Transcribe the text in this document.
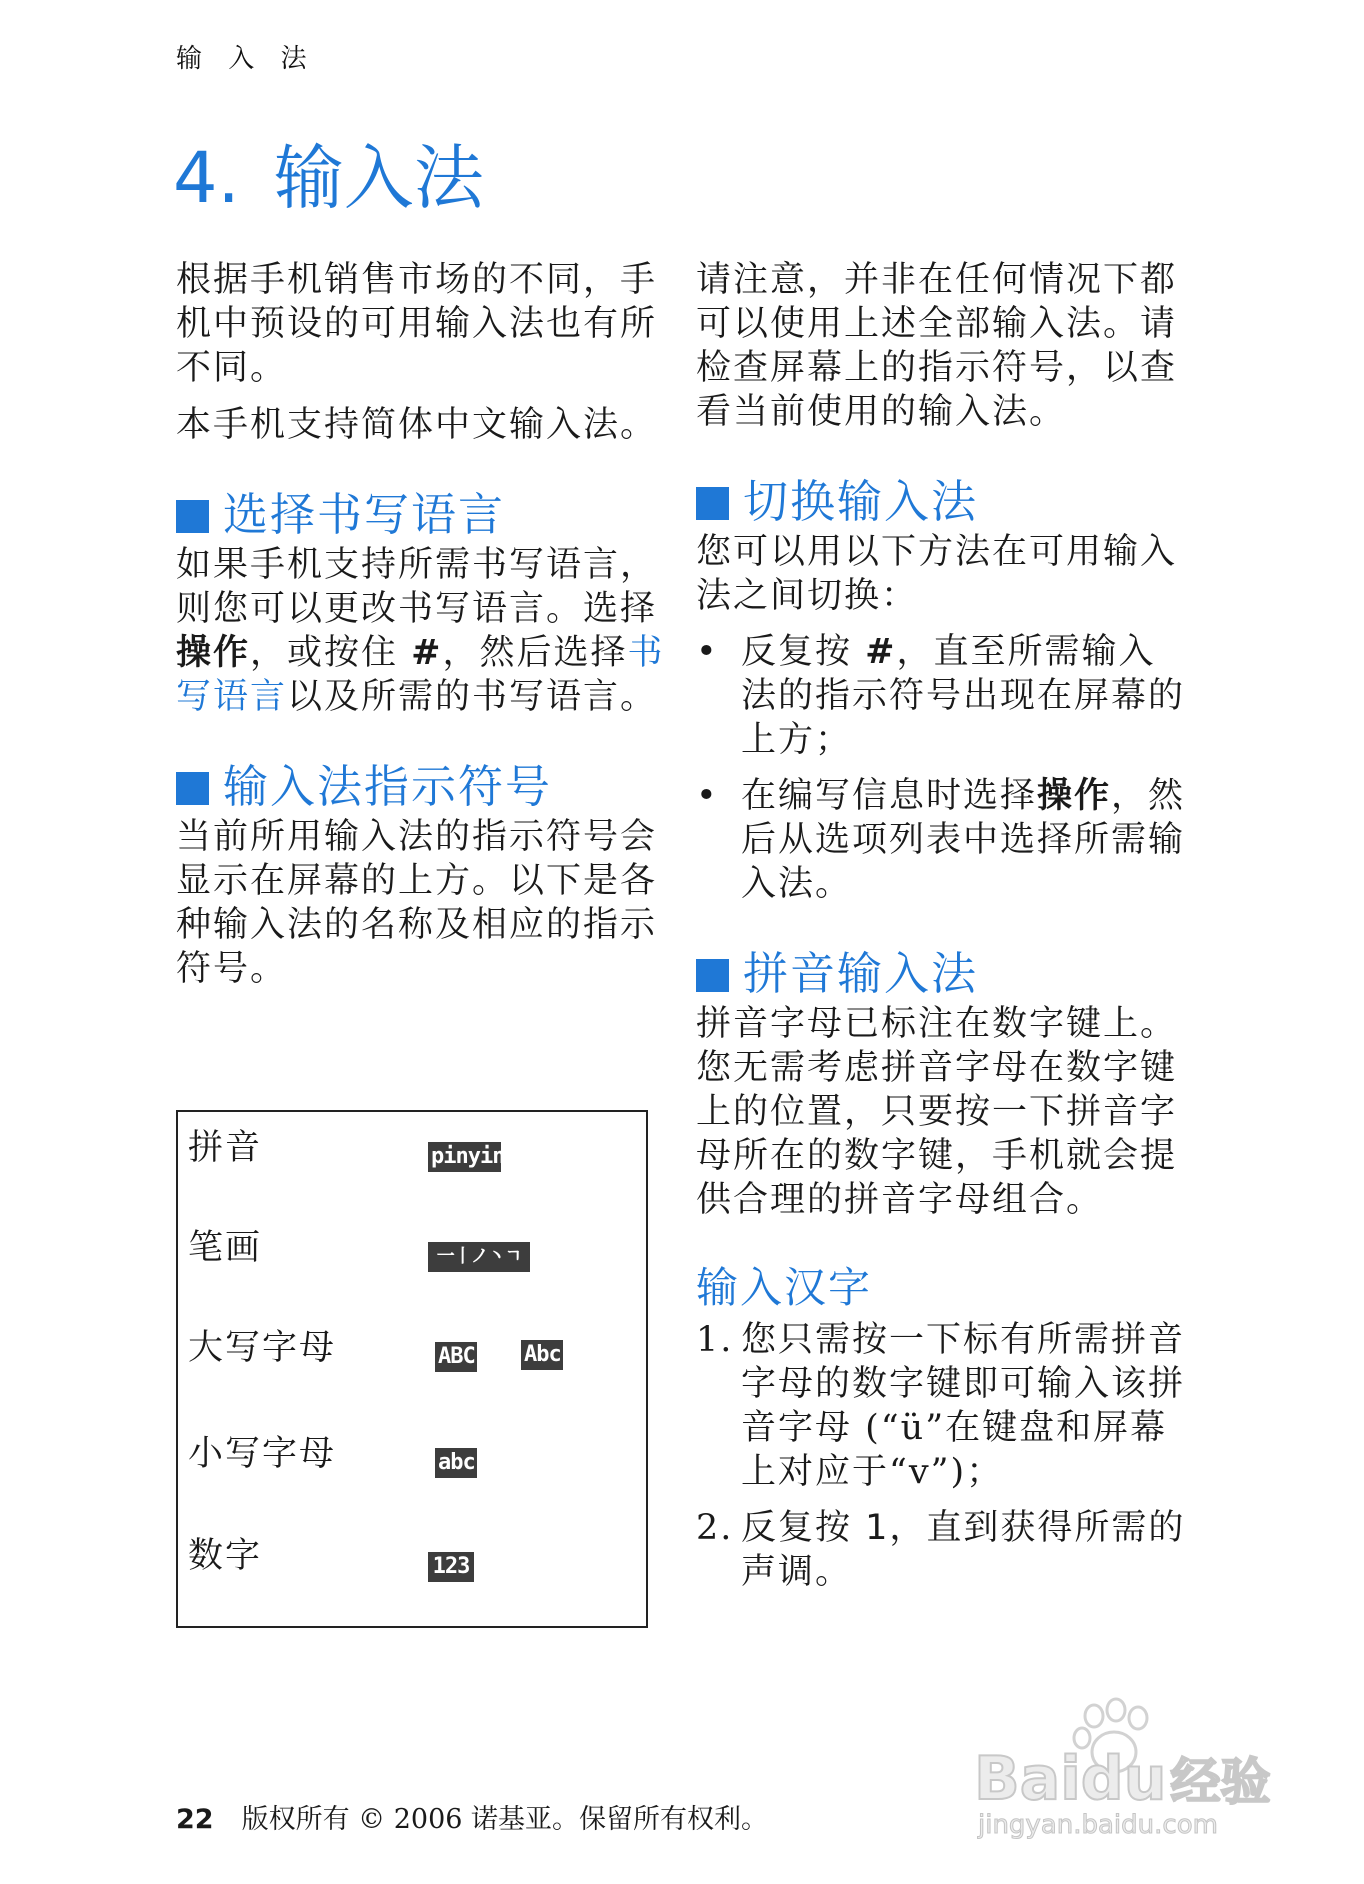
输 入 法
4. 输入法

根据手机销售市场的不同，手机中预设的可用输入法也有所不同。

本手机支持简体中文输入法。

选择书写语言

如果手机支持所需书写语言，则您可以更改书写语言。选择操作，或按住 #，然后选择书写语言以及所需的书写语言。

输入法指示符号

当前所用输入法的指示符号会显示在屏幕的上方。以下是各种输入法的名称及相应的指示符号。

拼音	pinyin
笔画	一丨ノ丶ㄱ
大写字母	ABC Abc
小写字母	abc
数字	123

请注意，并非在任何情况下都可以使用上述全部输入法。请检查屏幕上的指示符号，以查看当前使用的输入法。

切换输入法

您可以用以下方法在可用输入法之间切换：

• 反复按 #，直至所需输入法的指示符号出现在屏幕的上方；
• 在编写信息时选择操作，然后从选项列表中选择所需输入法。
拼音输入法

拼音字母已标注在数字键上。您无需考虑拼音字母在数字键上的位置，只要按一下拼音字母所在的数字键，手机就会提供合理的拼音字母组合。

输入汉字
1. 您只需按一下标有所需拼音字母的数字键即可输入该拼音字母 (“ü”在键盘和屏幕上对应于“v”)；
2. 反复按 1，直到获得所需的声调。
22 版权所有 © 2006 诺基亚。保留所有权利。
Baidu经验
jingyan.baidu.com
